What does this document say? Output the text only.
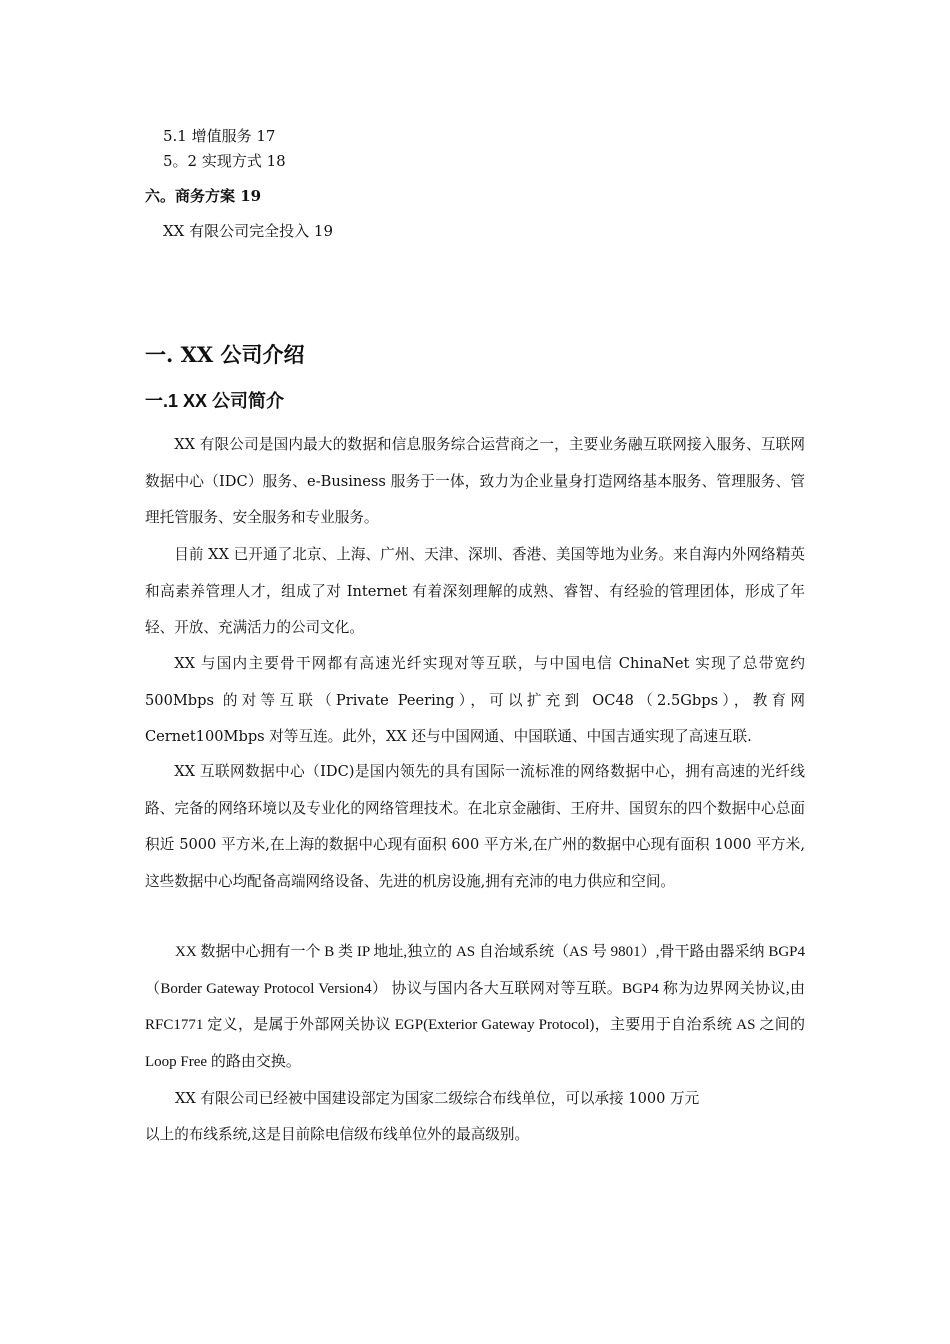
5.1 增值服务 17
5。2 实现方式 18
六。商务方案 19
XX 有限公司完全投入 19
一. XX 公司介绍
一.1 XX 公司简介

XX 有限公司是国内最大的数据和信息服务综合运营商之一，主要业务融互联网接入服务、互联网数据中心（IDC）服务、e-Business 服务于一体，致力为企业量身打造网络基本服务、管理服务、管理托管服务、安全服务和专业服务。

目前 XX 已开通了北京、上海、广州、天津、深圳、香港、美国等地为业务。来自海内外网络精英和高素养管理人才，组成了对 Internet 有着深刻理解的成熟、睿智、有经验的管理团体，形成了年轻、开放、充满活力的公司文化。

XX 与国内主要骨干网都有高速光纤实现对等互联，与中国电信 ChinaNet 实现了总带宽约 500Mbps 的对等互联（Private Peering），可以扩充到 OC48（2.5Gbps），教育网 Cernet100Mbps 对等互连。此外，XX 还与中国网通、中国联通、中国吉通实现了高速互联.

XX 互联网数据中心（IDC)是国内领先的具有国际一流标准的网络数据中心，拥有高速的光纤线路、完备的网络环境以及专业化的网络管理技术。在北京金融街、王府井、国贸东的四个数据中心总面积近 5000 平方米,在上海的数据中心现有面积 600 平方米,在广州的数据中心现有面积 1000 平方米,这些数据中心均配备高端网络设备、先进的机房设施,拥有充沛的电力供应和空间。

XX 数据中心拥有一个 B 类 IP 地址,独立的 AS 自治域系统（AS 号 9801）,骨干路由器采纳 BGP4 （Border Gateway Protocol Version4） 协议与国内各大互联网对等互联。BGP4 称为边界网关协议,由 RFC1771 定义，是属于外部网关协议 EGP(Exterior Gateway Protocol)，主要用于自治系统 AS 之间的 Loop Free 的路由交换。

XX 有限公司已经被中国建设部定为国家二级综合布线单位，可以承接 1000 万元
以上的布线系统,这是目前除电信级布线单位外的最高级别。
